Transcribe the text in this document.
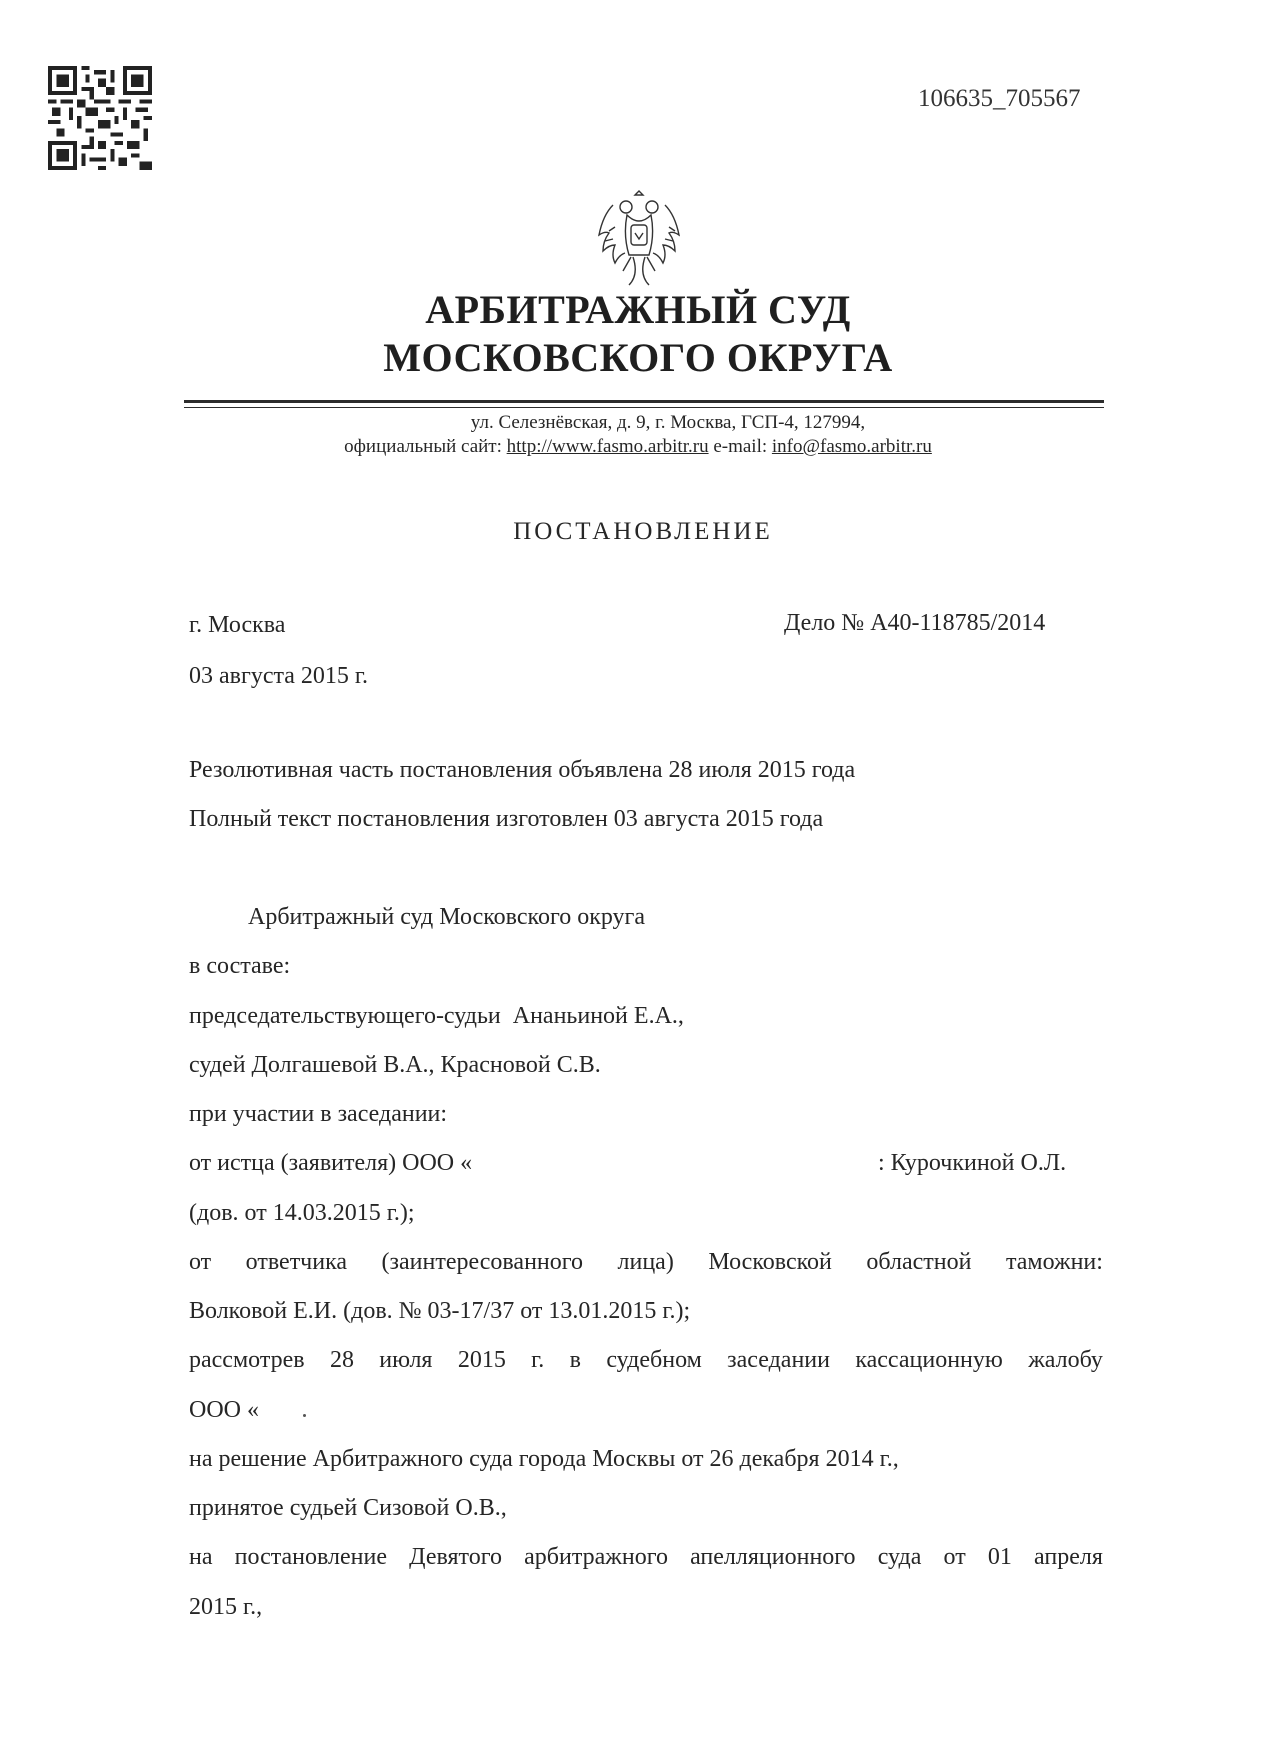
106635_705567
АРБИТРАЖНЫЙ СУД
МОСКОВСКОГО ОКРУГА
ул. Селезнёвская, д. 9, г. Москва, ГСП-4, 127994,
официальный сайт: http://www.fasmo.arbitr.ru e-mail: info@fasmo.arbitr.ru
ПОСТАНОВЛЕНИЕ
г. Москва	Дело № А40-118785/2014
03 августа 2015 г.
Резолютивная часть постановления объявлена 28 июля 2015 года
Полный текст постановления изготовлен 03 августа 2015 года
Арбитражный суд Московского округа
в составе:
председательствующего-судьи  Ананьиной Е.А.,
судей Долгашевой В.А., Красновой С.В.
при участии в заседании:
от истца (заявителя) ООО «	: Курочкиной О.Л.
(дов. от 14.03.2015 г.);
от ответчика (заинтересованного лица) Московской областной таможни:
Волковой Е.И. (дов. № 03-17/37 от 13.01.2015 г.);
рассмотрев 28 июля 2015 г. в судебном заседании кассационную жалобу
ООО «
на решение Арбитражного суда города Москвы от 26 декабря 2014 г.,
принятое судьей Сизовой О.В.,
на постановление Девятого арбитражного апелляционного суда от 01 апреля
2015 г.,
